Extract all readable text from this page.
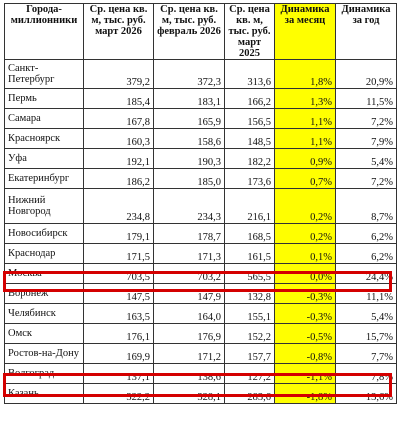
Города-миллионники	Ср. цена кв. м, тыс. руб. март 2026	Ср. цена кв. м, тыс. руб. февраль 2026	Ср. цена кв. м, тыс. руб. март 2025	Динамика за месяц	Динамика за год
Санкт-Петербург	379,2	372,3	313,6	1,8%	20,9%
Пермь	185,4	183,1	166,2	1,3%	11,5%
Самара	167,8	165,9	156,5	1,1%	7,2%
Красноярск	160,3	158,6	148,5	1,1%	7,9%
Уфа	192,1	190,3	182,2	0,9%	5,4%
Екатеринбург	186,2	185,0	173,6	0,7%	7,2%
Нижний Новгород	234,8	234,3	216,1	0,2%	8,7%
Новосибирск	179,1	178,7	168,5	0,2%	6,2%
Краснодар	171,5	171,3	161,5	0,1%	6,2%
Москва	703,5	703,2	565,5	0,0%	24,4%
Воронеж	147,5	147,9	132,8	-0,3%	11,1%
Челябинск	163,5	164,0	155,1	-0,3%	5,4%
Омск	176,1	176,9	152,2	-0,5%	15,7%
Ростов-на-Дону	169,9	171,2	157,7	-0,8%	7,7%
Волгоград	137,1	138,6	127,2	-1,1%	7,8%
Казань	322,2	328,1	283,6	-1,8%	13,6%
